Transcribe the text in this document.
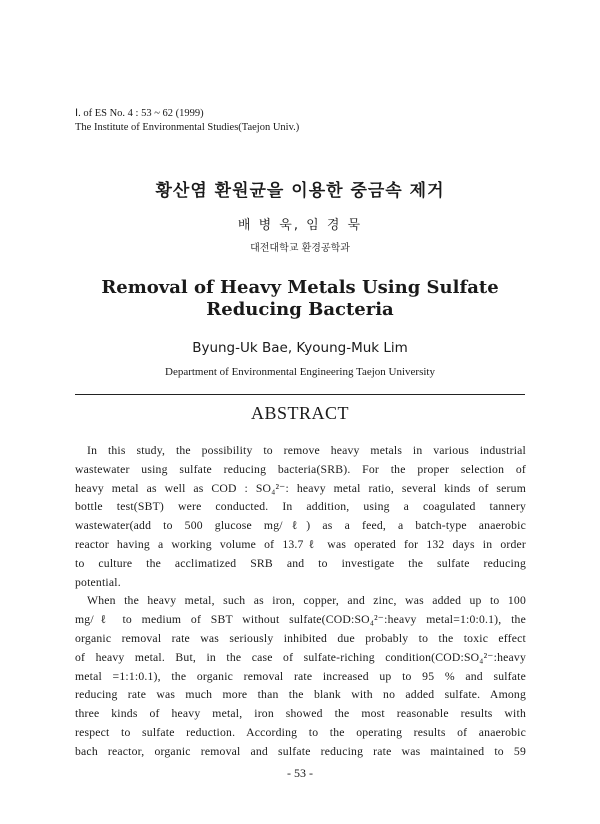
Ⅰ. of ES No. 4 : 53 ~ 62 (1999)
The Institute of Environmental Studies(Taejon Univ.)
황산염 환원균을 이용한 중금속 제거
배 병 욱, 임 경 묵
대전대학교 환경공학과
Removal of Heavy Metals Using Sulfate Reducing Bacteria
Byung-Uk Bae, Kyoung-Muk Lim
Department of Environmental Engineering Taejon University
ABSTRACT
In this study, the possibility to remove heavy metals in various industrial
wastewater using sulfate reducing bacteria(SRB). For the proper selection of
heavy metal as well as COD : SO₄²⁻: heavy metal ratio, several kinds of serum
bottle test(SBT) were conducted. In addition, using a coagulated tannery
wastewater(add to 500 glucose mg/ℓ) as a feed, a batch-type anaerobic
reactor having a working volume of 13.7ℓ was operated for 132 days in order
to culture the acclimatized SRB and to investigate the sulfate reducing
potential.
When the heavy metal, such as iron, copper, and zinc, was added up to 100
mg/ℓ to medium of SBT without sulfate(COD:SO₄²⁻:heavy metal=1:0:0.1), the
organic removal rate was seriously inhibited due probably to the toxic effect
of heavy metal. But, in the case of sulfate-riching condition(COD:SO₄²⁻:heavy
metal =1:1:0.1), the organic removal rate increased up to 95 % and sulfate
reducing rate was much more than the blank with no added sulfate. Among
three kinds of heavy metal, iron showed the most reasonable results with
respect to sulfate reduction. According to the operating results of anaerobic
bach reactor, organic removal and sulfate reducing rate was maintained to 59
- 53 -
